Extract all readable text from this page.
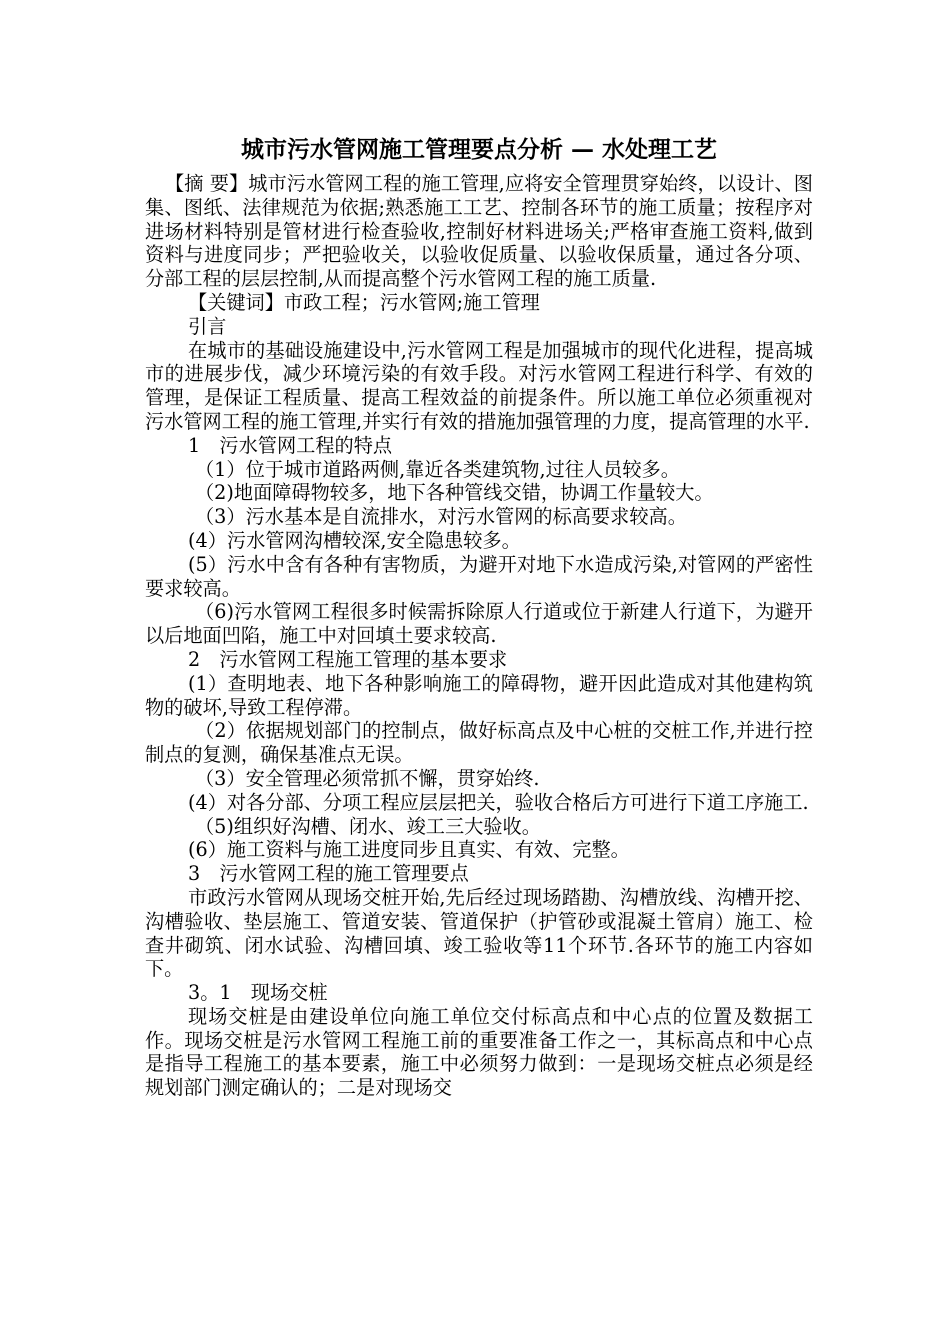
城市污水管网施工管理要点分析 — 水处理工艺

【摘 要】城市污水管网工程的施工管理,应将安全管理贯穿始终，以设计、图集、图纸、法律规范为依据;熟悉施工工艺、控制各环节的施工质量；按程序对进场材料特别是管材进行检查验收,控制好材料进场关;严格审查施工资料,做到资料与进度同步；严把验收关，以验收促质量、以验收保质量，通过各分项、分部工程的层层控制,从而提高整个污水管网工程的施工质量.

【关键词】市政工程；污水管网;施工管理

引言

在城市的基础设施建设中,污水管网工程是加强城市的现代化进程，提高城市的进展步伐，减少环境污染的有效手段。对污水管网工程进行科学、有效的管理，是保证工程质量、提高工程效益的前提条件。所以施工单位必须重视对污水管网工程的施工管理,并实行有效的措施加强管理的力度，提高管理的水平.

1　污水管网工程的特点

（1）位于城市道路两侧,靠近各类建筑物,过往人员较多。

（2)地面障碍物较多，地下各种管线交错，协调工作量较大。

（3）污水基本是自流排水，对污水管网的标高要求较高。

(4）污水管网沟槽较深,安全隐患较多。

(5）污水中含有各种有害物质，为避开对地下水造成污染,对管网的严密性要求较高。

（6)污水管网工程很多时候需拆除原人行道或位于新建人行道下，为避开以后地面凹陷，施工中对回填土要求较高.

2　污水管网工程施工管理的基本要求

(1）查明地表、地下各种影响施工的障碍物，避开因此造成对其他建构筑物的破坏,导致工程停滞。

（2）依据规划部门的控制点，做好标高点及中心桩的交桩工作,并进行控制点的复测，确保基准点无误。

（3）安全管理必须常抓不懈，贯穿始终.

(4）对各分部、分项工程应层层把关，验收合格后方可进行下道工序施工.

（5)组织好沟槽、闭水、竣工三大验收。

(6）施工资料与施工进度同步且真实、有效、完整。

3　污水管网工程的施工管理要点

市政污水管网从现场交桩开始,先后经过现场踏勘、沟槽放线、沟槽开挖、沟槽验收、垫层施工、管道安装、管道保护（护管砂或混凝土管肩）施工、检查井砌筑、闭水试验、沟槽回填、竣工验收等11个环节.各环节的施工内容如下。

3。1　现场交桩

现场交桩是由建设单位向施工单位交付标高点和中心点的位置及数据工作。现场交桩是污水管网工程施工前的重要准备工作之一，其标高点和中心点是指导工程施工的基本要素，施工中必须努力做到：一是现场交桩点必须是经规划部门测定确认的；二是对现场交
